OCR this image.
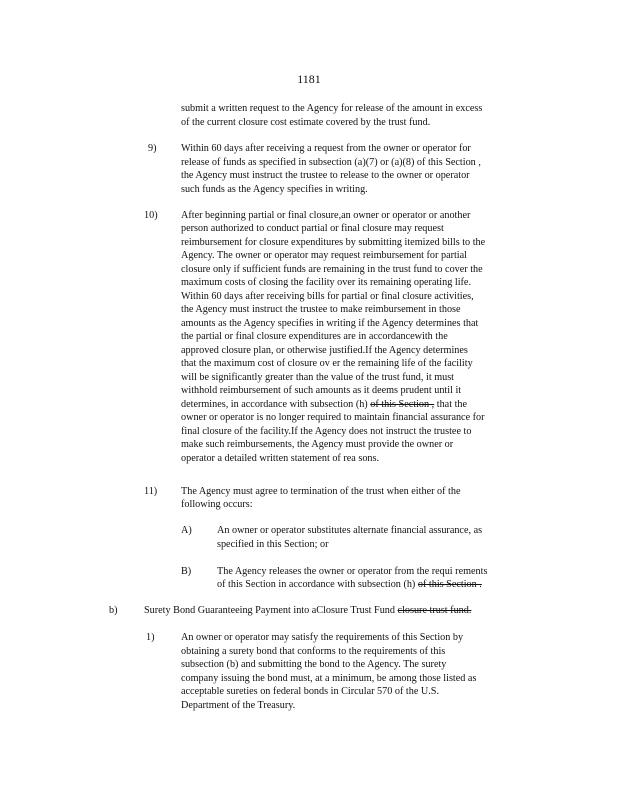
1181
submit a written request to the Agency for release of the amount in excess
of the current closure cost estimate covered by the trust fund.
9) Within 60 days after receiving a request from the owner or operator for
release of funds as specified in subsection (a)(7) or (a)(8) of this Section ,
the Agency must instruct the trustee to release to the owner or operator
such funds as the Agency specifies in writing.
10) After beginning partial or final closure,an owner or operator or another
person authorized to conduct partial or final closure may request
reimbursement for closure expenditures by submitting itemized bills to the
Agency. The owner or operator may request reimbursement for partial
closure only if sufficient funds are remaining in the trust fund to cover the
maximum costs of closing the facility over its remaining operating life.
Within 60 days after receiving bills for partial or final closure activities,
the Agency must instruct the trustee to make reimbursement in those
amounts as the Agency specifies in writing if the Agency determines that
the partial or final closure expenditures are in accordancewith the
approved closure plan, or otherwise justified.If the Agency determines
that the maximum cost of closure ov er the remaining life of the facility
will be significantly greater than the value of the trust fund, it must
withhold reimbursement of such amounts as it deems prudent until it
determines, in accordance with subsection (h) of this Section , that the
owner or operator is no longer required to maintain financial assurance for
final closure of the facility.If the Agency does not instruct the trustee to
make such reimbursements, the Agency must provide the owner or
operator a detailed written statement of rea sons.
11) The Agency must agree to termination of the trust when either of the
following occurs:
A) An owner or operator substitutes alternate financial assurance, as
specified in this Section; or
B)	The Agency releases the owner or operator from the requi rements
of this Section in accordance with subsection (h) of this Section .
b)	Surety Bond Guaranteeing Payment into aClosure Trust Fund closure trust fund.
1)	An owner or operator may satisfy the requirements of this Section by
obtaining a surety bond that conforms to the requirements of this
subsection (b) and submitting the bond to the Agency. The surety
company issuing the bond must, at a minimum, be among those listed as
acceptable sureties on federal bonds in Circular 570 of the U.S.
Department of the Treasury.
